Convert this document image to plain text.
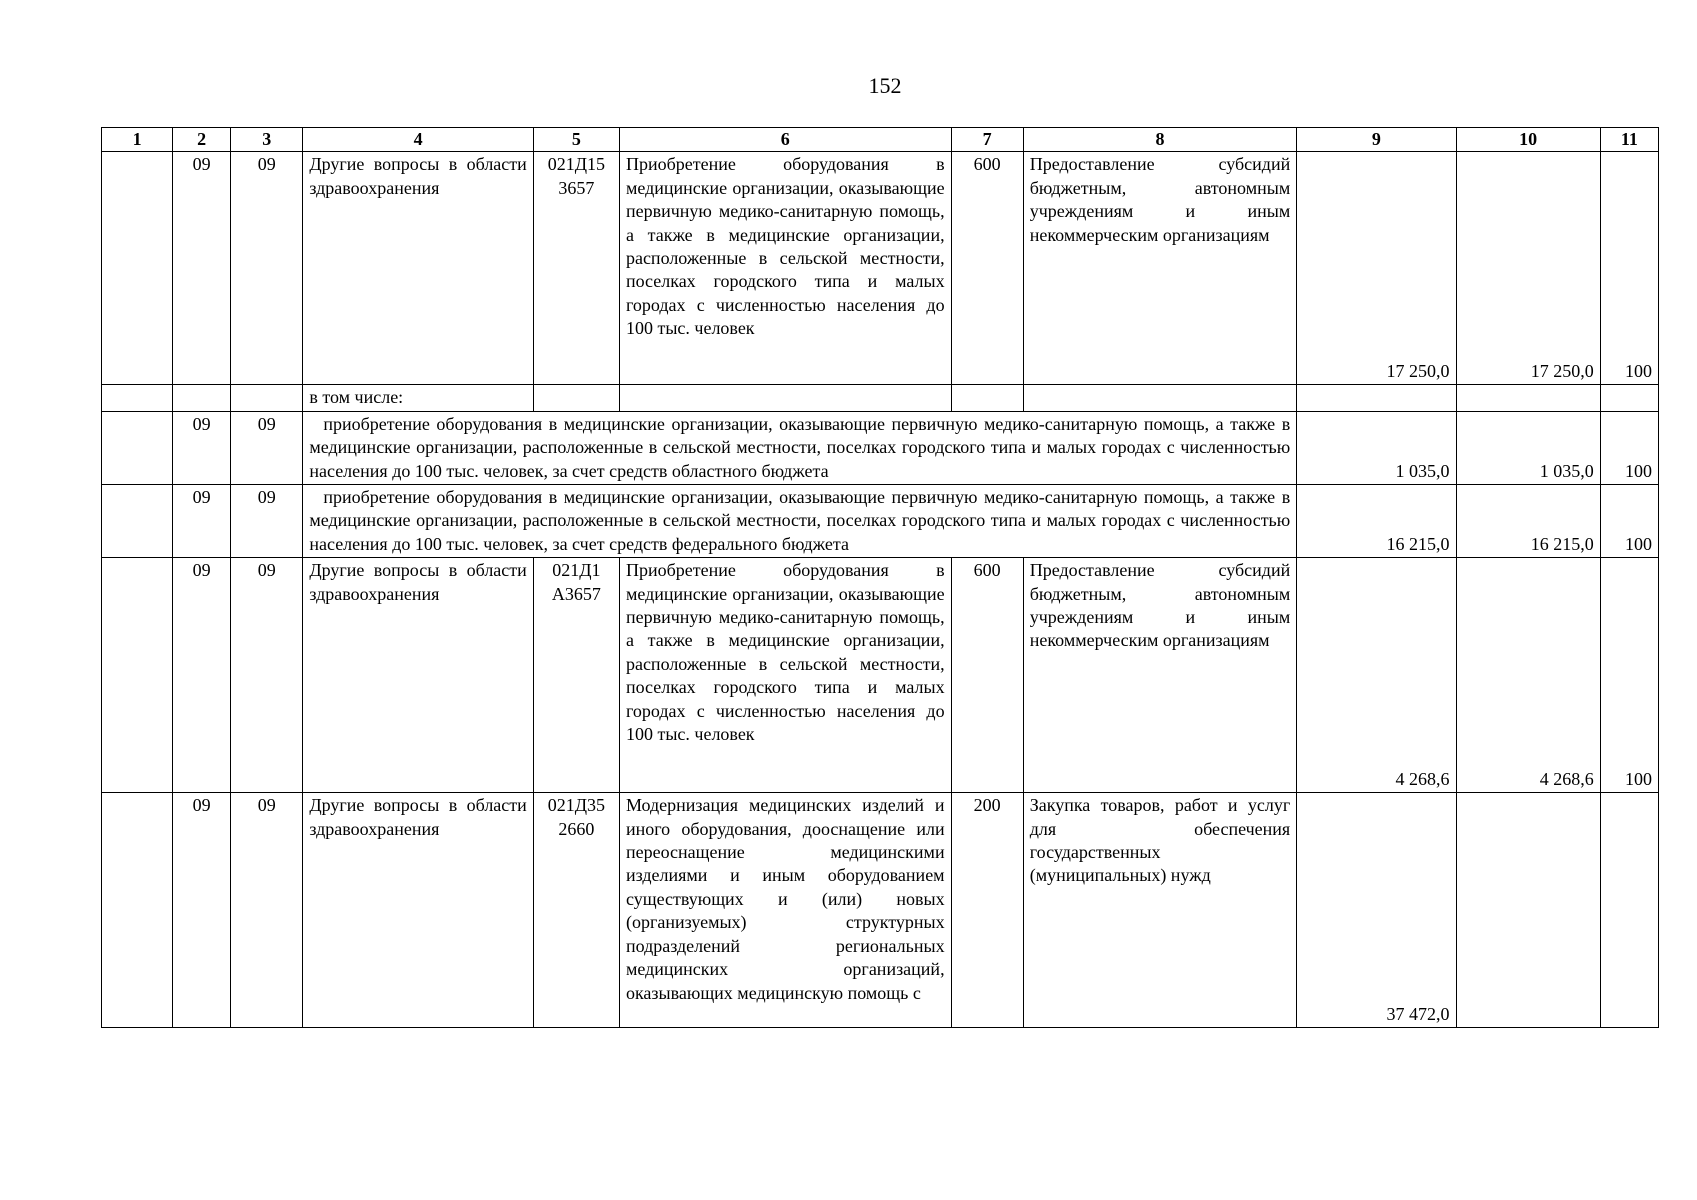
152
1	2	3	4	5	6	7	8	9	10	11
	09	09	Другие вопросы в области здравоохранения	021Д15 3657	Приобретение оборудования в медицинские организации, оказывающие первичную медико-санитарную помощь, а также в медицинские организации, расположенные в сельской местности, поселках городского типа и малых городах с численностью населения до 100 тыс. человек	600	Предоставление субсидий бюджетным, автономным учреждениям и иным некоммерческим организациям	17 250,0	17 250,0	100
			в том числе:							
	09	09	приобретение оборудования в медицинские организации, оказывающие первичную медико-санитарную помощь, а также в медицинские организации, расположенные в сельской местности, поселках городского типа и малых городах с численностью населения до 100 тыс. человек, за счет средств областного бюджета					1 035,0	1 035,0	100
	09	09	приобретение оборудования в медицинские организации, оказывающие первичную медико-санитарную помощь, а также в медицинские организации, расположенные в сельской местности, поселках городского типа и малых городах с численностью населения до 100 тыс. человек, за счет средств федерального бюджета					16 215,0	16 215,0	100
	09	09	Другие вопросы в области здравоохранения	021Д1 А3657	Приобретение оборудования в медицинские организации, оказывающие первичную медико-санитарную помощь, а также в медицинские организации, расположенные в сельской местности, поселках городского типа и малых городах с численностью населения до 100 тыс. человек	600	Предоставление субсидий бюджетным, автономным учреждениям и иным некоммерческим организациям	4 268,6	4 268,6	100
	09	09	Другие вопросы в области здравоохранения	021Д35 2660	Модернизация медицинских изделий и иного оборудования, дооснащение или переоснащение медицинскими изделиями и иным оборудованием существующих и (или) новых (организуемых) структурных подразделений региональных медицинских организаций, оказывающих медицинскую помощь с	200	Закупка товаров, работ и услуг для обеспечения государственных (муниципальных) нужд	37 472,0		
